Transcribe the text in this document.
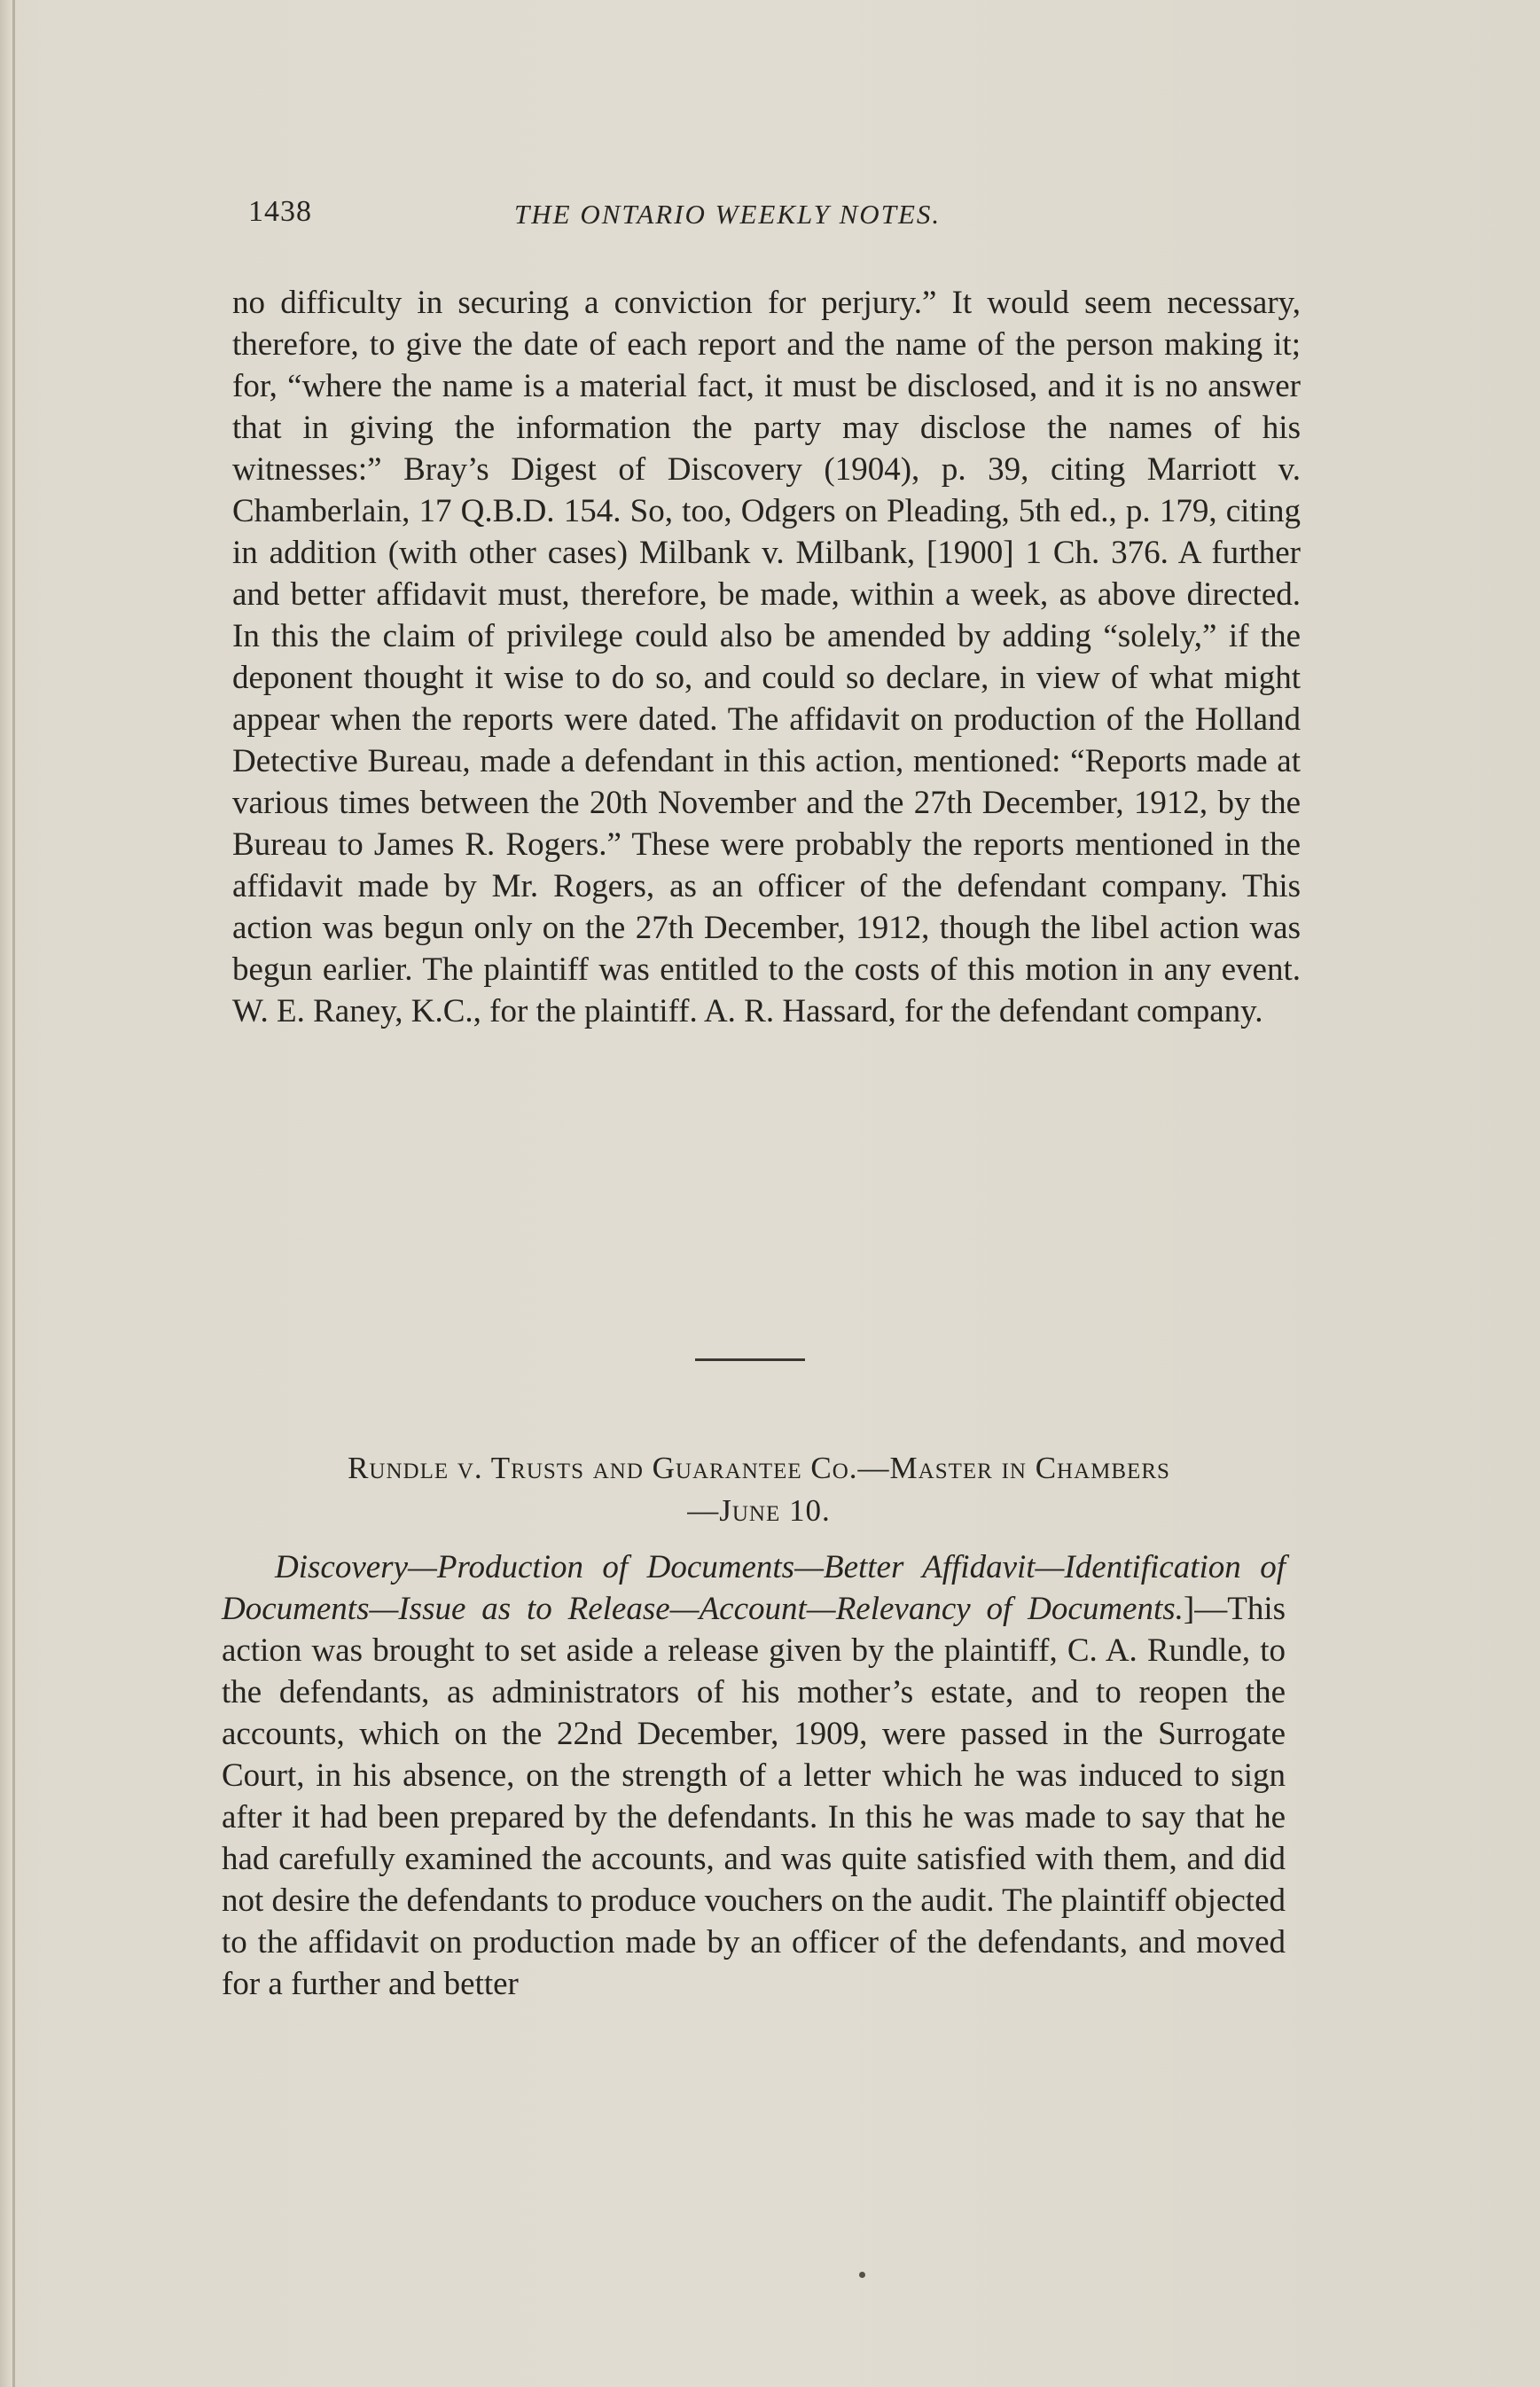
1438	THE ONTARIO WEEKLY NOTES.

no difficulty in securing a conviction for perjury.” It would seem necessary, therefore, to give the date of each report and the name of the person making it; for, “where the name is a material fact, it must be disclosed, and it is no answer that in giving the information the party may disclose the names of his witnesses:” Bray’s Digest of Discovery (1904), p. 39, citing Marriott v. Chamberlain, 17 Q.B.D. 154. So, too, Odgers on Pleading, 5th ed., p. 179, citing in addition (with other cases) Milbank v. Milbank, [1900] 1 Ch. 376. A further and better affidavit must, therefore, be made, within a week, as above directed. In this the claim of privilege could also be amended by adding “solely,” if the deponent thought it wise to do so, and could so declare, in view of what might appear when the reports were dated. The affidavit on production of the Holland Detective Bureau, made a defendant in this action, mentioned: “Reports made at various times between the 20th November and the 27th December, 1912, by the Bureau to James R. Rogers.” These were probably the reports mentioned in the affidavit made by Mr. Rogers, as an officer of the defendant company. This action was begun only on the 27th December, 1912, though the libel action was begun earlier. The plaintiff was entitled to the costs of this motion in any event. W. E. Raney, K.C., for the plaintiff. A. R. Hassard, for the defendant company.

Rundle v. Trusts and Guarantee Co.—Master in Chambers
—June 10.

Discovery—Production of Documents—Better Affidavit—Identification of Documents—Issue as to Release—Account—Relevancy of Documents.]—This action was brought to set aside a release given by the plaintiff, C. A. Rundle, to the defendants, as administrators of his mother’s estate, and to reopen the accounts, which on the 22nd December, 1909, were passed in the Surrogate Court, in his absence, on the strength of a letter which he was induced to sign after it had been prepared by the defendants. In this he was made to say that he had carefully examined the accounts, and was quite satisfied with them, and did not desire the defendants to produce vouchers on the audit. The plaintiff objected to the affidavit on production made by an officer of the defendants, and moved for a further and better
